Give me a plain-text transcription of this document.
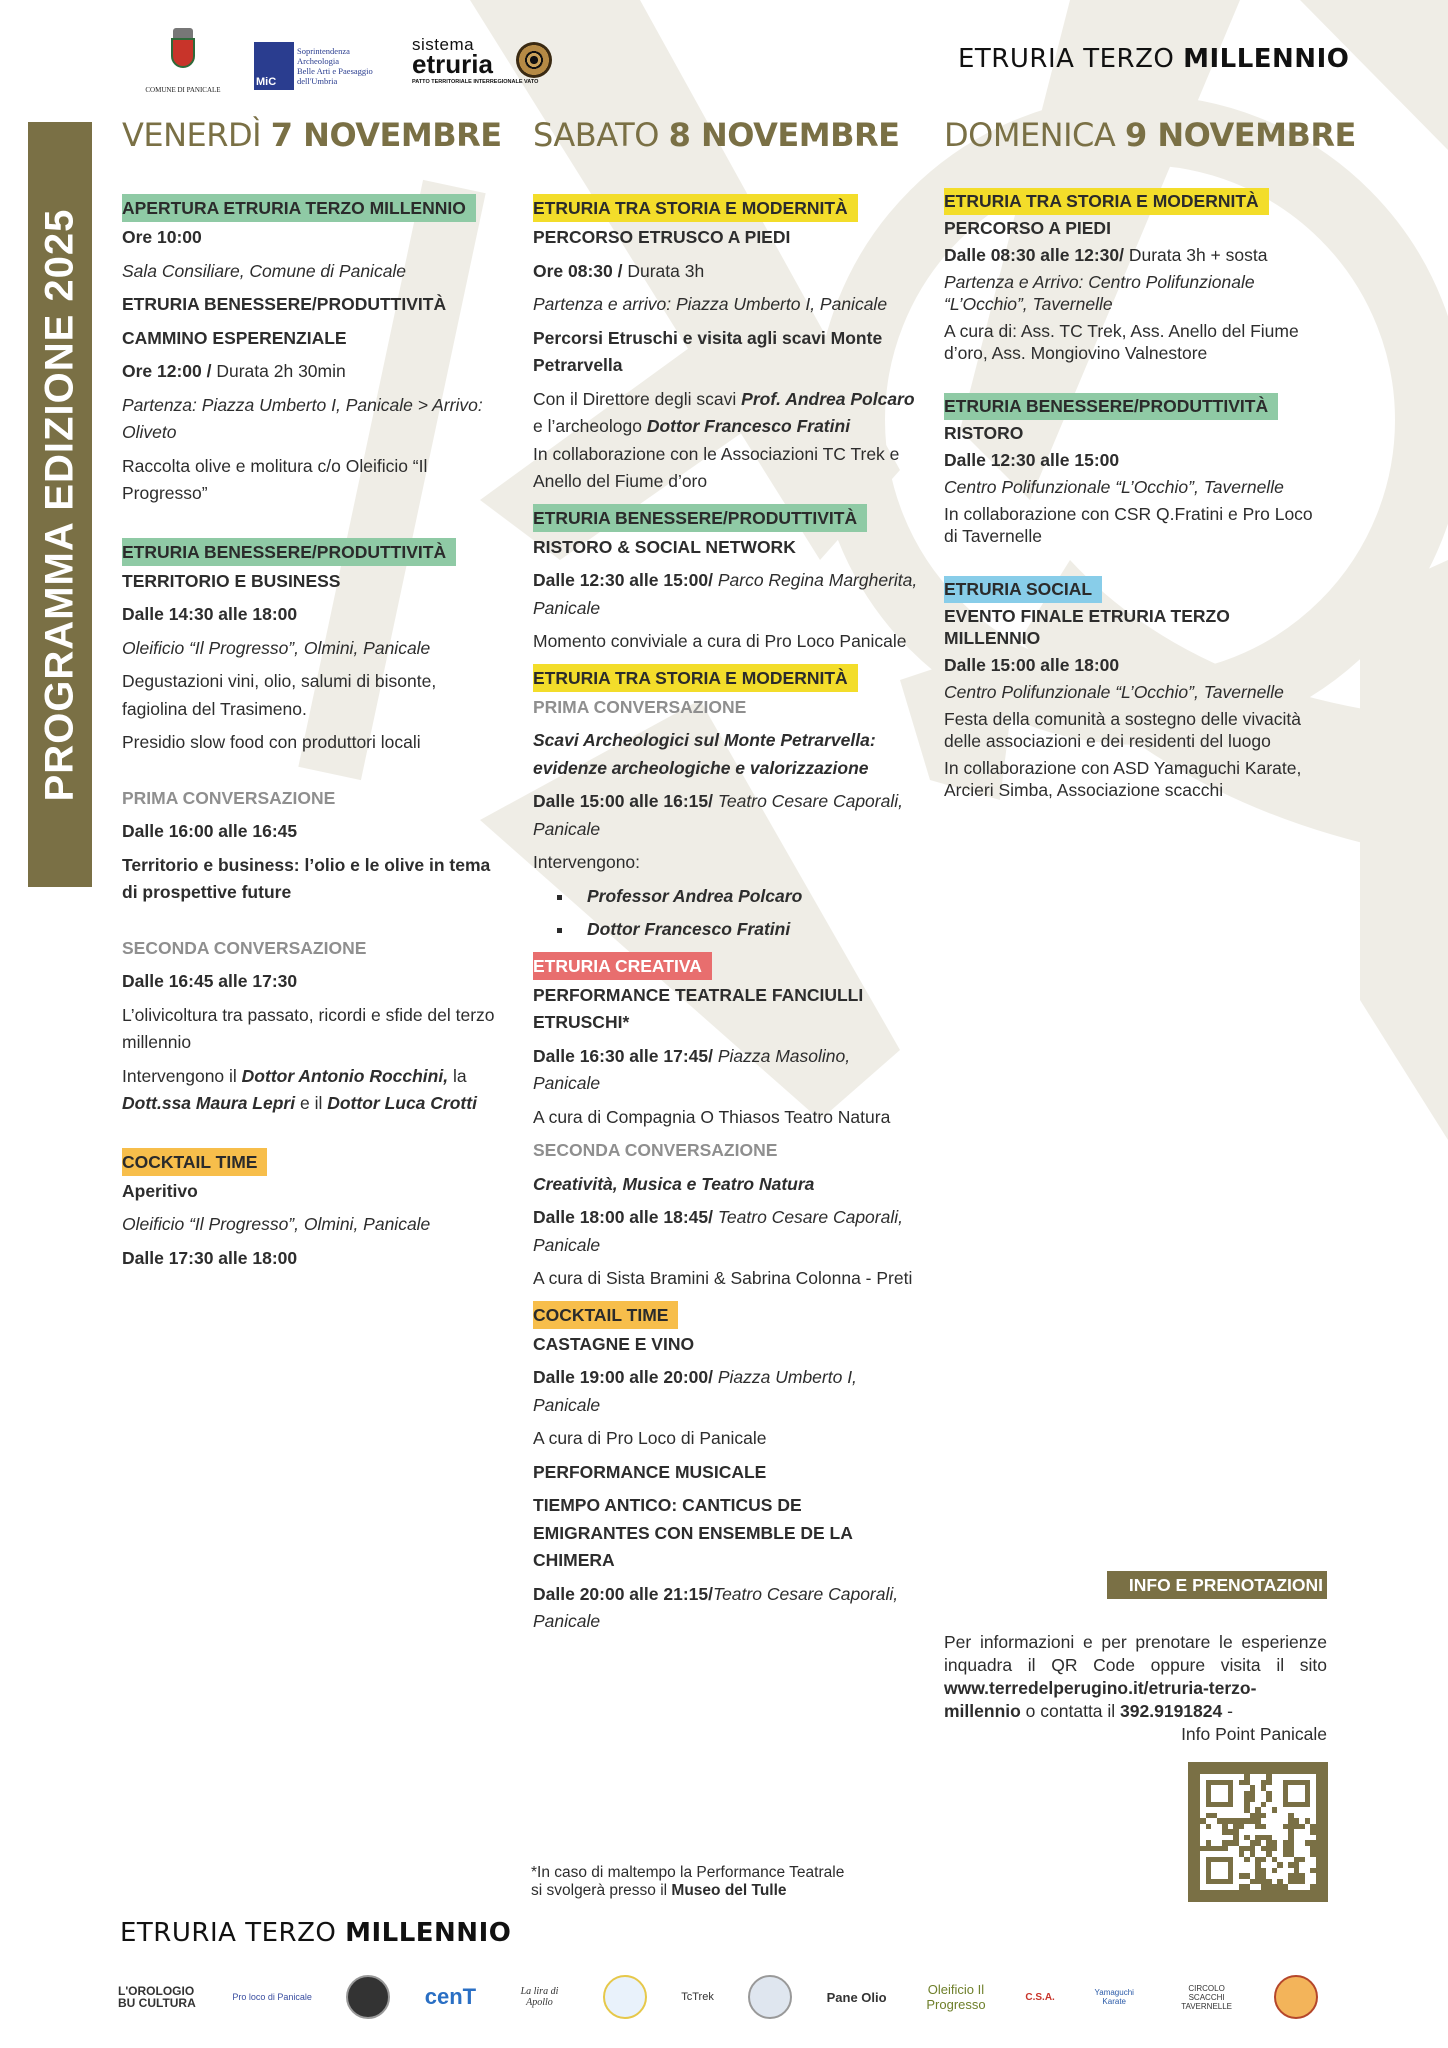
COMUNE DI PANICALE
MiC
Soprintendenza
Archeologia
Belle Arti e Paesaggio
dell'Umbria
sistema
etruria
PATTO TERRITORIALE INTERREGIONALE VATO
ETRURIA TERZO MILLENNIO
PROGRAMMA EDIZIONE 2025
VENERDÌ 7 NOVEMBRE SABATO 8 NOVEMBRE DOMENICA 9 NOVEMBRE
APERTURA ETRURIA TERZO MILLENNIO
Ore 10:00
Sala Consiliare, Comune di Panicale
ETRURIA BENESSERE/PRODUTTIVITÀ
CAMMINO ESPERENZIALE
Ore 12:00 / Durata 2h 30min
Partenza: Piazza Umberto I, Panicale > Arrivo: Oliveto
Raccolta olive e molitura c/o Oleificio “Il Progresso”
ETRURIA BENESSERE/PRODUTTIVITÀ
TERRITORIO E BUSINESS
Dalle 14:30 alle 18:00
Oleificio “Il Progresso”, Olmini, Panicale
Degustazioni vini, olio, salumi di bisonte, fagiolina del Trasimeno.
Presidio slow food con produttori locali
PRIMA CONVERSAZIONE
Dalle 16:00 alle 16:45
Territorio e business: l’olio e le olive in tema di prospettive future
SECONDA CONVERSAZIONE
Dalle 16:45 alle 17:30
L’olivicoltura tra passato, ricordi e sfide del terzo millennio
Intervengono il Dottor Antonio Rocchini, la Dott.ssa Maura Lepri e il Dottor Luca Crotti
COCKTAIL TIME
Aperitivo
Oleificio “Il Progresso”, Olmini, Panicale
Dalle 17:30 alle 18:00
ETRURIA TRA STORIA E MODERNITÀ
PERCORSO ETRUSCO A PIEDI
Ore 08:30 / Durata 3h
Partenza e arrivo: Piazza Umberto I, Panicale
Percorsi Etruschi e visita agli scavi Monte Petrarvella
Con il Direttore degli scavi Prof. Andrea Polcaro e l’archeologo Dottor Francesco Fratini
In collaborazione con le Associazioni TC Trek e Anello del Fiume d’oro
ETRURIA BENESSERE/PRODUTTIVITÀ
RISTORO & SOCIAL NETWORK
Dalle 12:30 alle 15:00/ Parco Regina Margherita, Panicale
Momento conviviale a cura di Pro Loco Panicale
ETRURIA TRA STORIA E MODERNITÀ
PRIMA CONVERSAZIONE
Scavi Archeologici sul Monte Petrarvella: evidenze archeologiche e valorizzazione
Dalle 15:00 alle 16:15/ Teatro Cesare Caporali, Panicale
Intervengono:
Professor Andrea Polcaro
Dottor Francesco Fratini
ETRURIA CREATIVA
PERFORMANCE TEATRALE FANCIULLI ETRUSCHI*
Dalle 16:30 alle 17:45/ Piazza Masolino, Panicale
A cura di Compagnia O Thiasos Teatro Natura
SECONDA CONVERSAZIONE
Creatività, Musica e Teatro Natura
Dalle 18:00 alle 18:45/ Teatro Cesare Caporali, Panicale
A cura di Sista Bramini & Sabrina Colonna - Preti
COCKTAIL TIME
CASTAGNE E VINO
Dalle 19:00 alle 20:00/ Piazza Umberto I, Panicale
A cura di Pro Loco di Panicale
PERFORMANCE MUSICALE
TIEMPO ANTICO: CANTICUS DE EMIGRANTES CON ENSEMBLE DE LA CHIMERA
Dalle 20:00 alle 21:15/Teatro Cesare Caporali, Panicale
ETRURIA TRA STORIA E MODERNITÀ
PERCORSO A PIEDI
Dalle 08:30 alle 12:30/ Durata 3h + sosta
Partenza e Arrivo: Centro Polifunzionale “L’Occhio”, Tavernelle
A cura di: Ass. TC Trek, Ass. Anello del Fiume d’oro, Ass. Mongiovino Valnestore
ETRURIA BENESSERE/PRODUTTIVITÀ
RISTORO
Dalle 12:30 alle 15:00
Centro Polifunzionale “L’Occhio”, Tavernelle
In collaborazione con CSR Q.Fratini e Pro Loco di Tavernelle
ETRURIA SOCIAL
EVENTO FINALE ETRURIA TERZO MILLENNIO
Dalle 15:00 alle 18:00
Centro Polifunzionale “L’Occhio”, Tavernelle
Festa della comunità a sostegno delle vivacità delle associazioni e dei residenti del luogo
In collaborazione con ASD Yamaguchi Karate, Arcieri Simba, Associazione scacchi
INFO E PRENOTAZIONI
Per informazioni e per prenotare le esperienze inquadra il QR Code oppure visita il sito www.terredelperugino.it/etruria-terzo-millennio o contatta il 392.9191824 -
Info Point Panicale
*In caso di maltempo la Performance Teatrale
si svolgerà presso il Museo del Tulle
ETRURIA TERZO MILLENNIO
L'OROLOGIO BU CULTURA	Pro loco di Panicale	cenT	La lira di Apollo	TcTrek	Pane Olio	Oleificio Il Progresso	C.S.A.	Yamaguchi Karate
CIRCOLO SCACCHI TAVERNELLE
